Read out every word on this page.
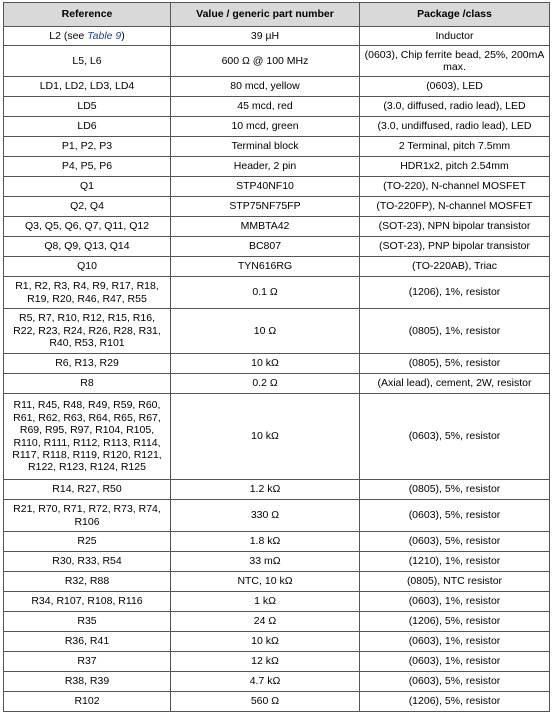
Reference	Value / generic part number	Package /class
L2 (see Table 9)	39 µH	Inductor
L5, L6	600 Ω @ 100 MHz	(0603), Chip ferrite bead, 25%, 200mA max.
LD1, LD2, LD3, LD4	80 mcd, yellow	(0603), LED
LD5	45 mcd, red	(3.0, diffused, radio lead), LED
LD6	10 mcd, green	(3.0, undiffused, radio lead), LED
P1, P2, P3	Terminal block	2 Terminal, pitch 7.5mm
P4, P5, P6	Header, 2 pin	HDR1x2, pitch 2.54mm
Q1	STP40NF10	(TO-220), N-channel MOSFET
Q2, Q4	STP75NF75FP	(TO-220FP), N-channel MOSFET
Q3, Q5, Q6, Q7, Q11, Q12	MMBTA42	(SOT-23), NPN bipolar transistor
Q8, Q9, Q13, Q14	BC807	(SOT-23), PNP bipolar transistor
Q10	TYN616RG	(TO-220AB), Triac
R1, R2, R3, R4, R9, R17, R18, R19, R20, R46, R47, R55	0.1 Ω	(1206), 1%, resistor
R5, R7, R10, R12, R15, R16, R22, R23, R24, R26, R28, R31, R40, R53, R101	10 Ω	(0805), 1%, resistor
R6, R13, R29	10 kΩ	(0805), 5%, resistor
R8	0.2 Ω	(Axial lead), cement, 2W, resistor
R11, R45, R48, R49, R59, R60, R61, R62, R63, R64, R65, R67, R69, R95, R97, R104, R105, R110, R111, R112, R113, R114, R117, R118, R119, R120, R121, R122, R123, R124, R125	10 kΩ	(0603), 5%, resistor
R14, R27, R50	1.2 kΩ	(0805), 5%, resistor
R21, R70, R71, R72, R73, R74, R106	330 Ω	(0603), 5%, resistor
R25	1.8 kΩ	(0603), 5%, resistor
R30, R33, R54	33 mΩ	(1210), 1%, resistor
R32, R88	NTC, 10 kΩ	(0805), NTC resistor
R34, R107, R108, R116	1 kΩ	(0603), 1%, resistor
R35	24 Ω	(1206), 5%, resistor
R36, R41	10 kΩ	(0603), 1%, resistor
R37	12 kΩ	(0603), 1%, resistor
R38, R39	4.7 kΩ	(0603), 5%, resistor
R102	560 Ω	(1206), 5%, resistor
